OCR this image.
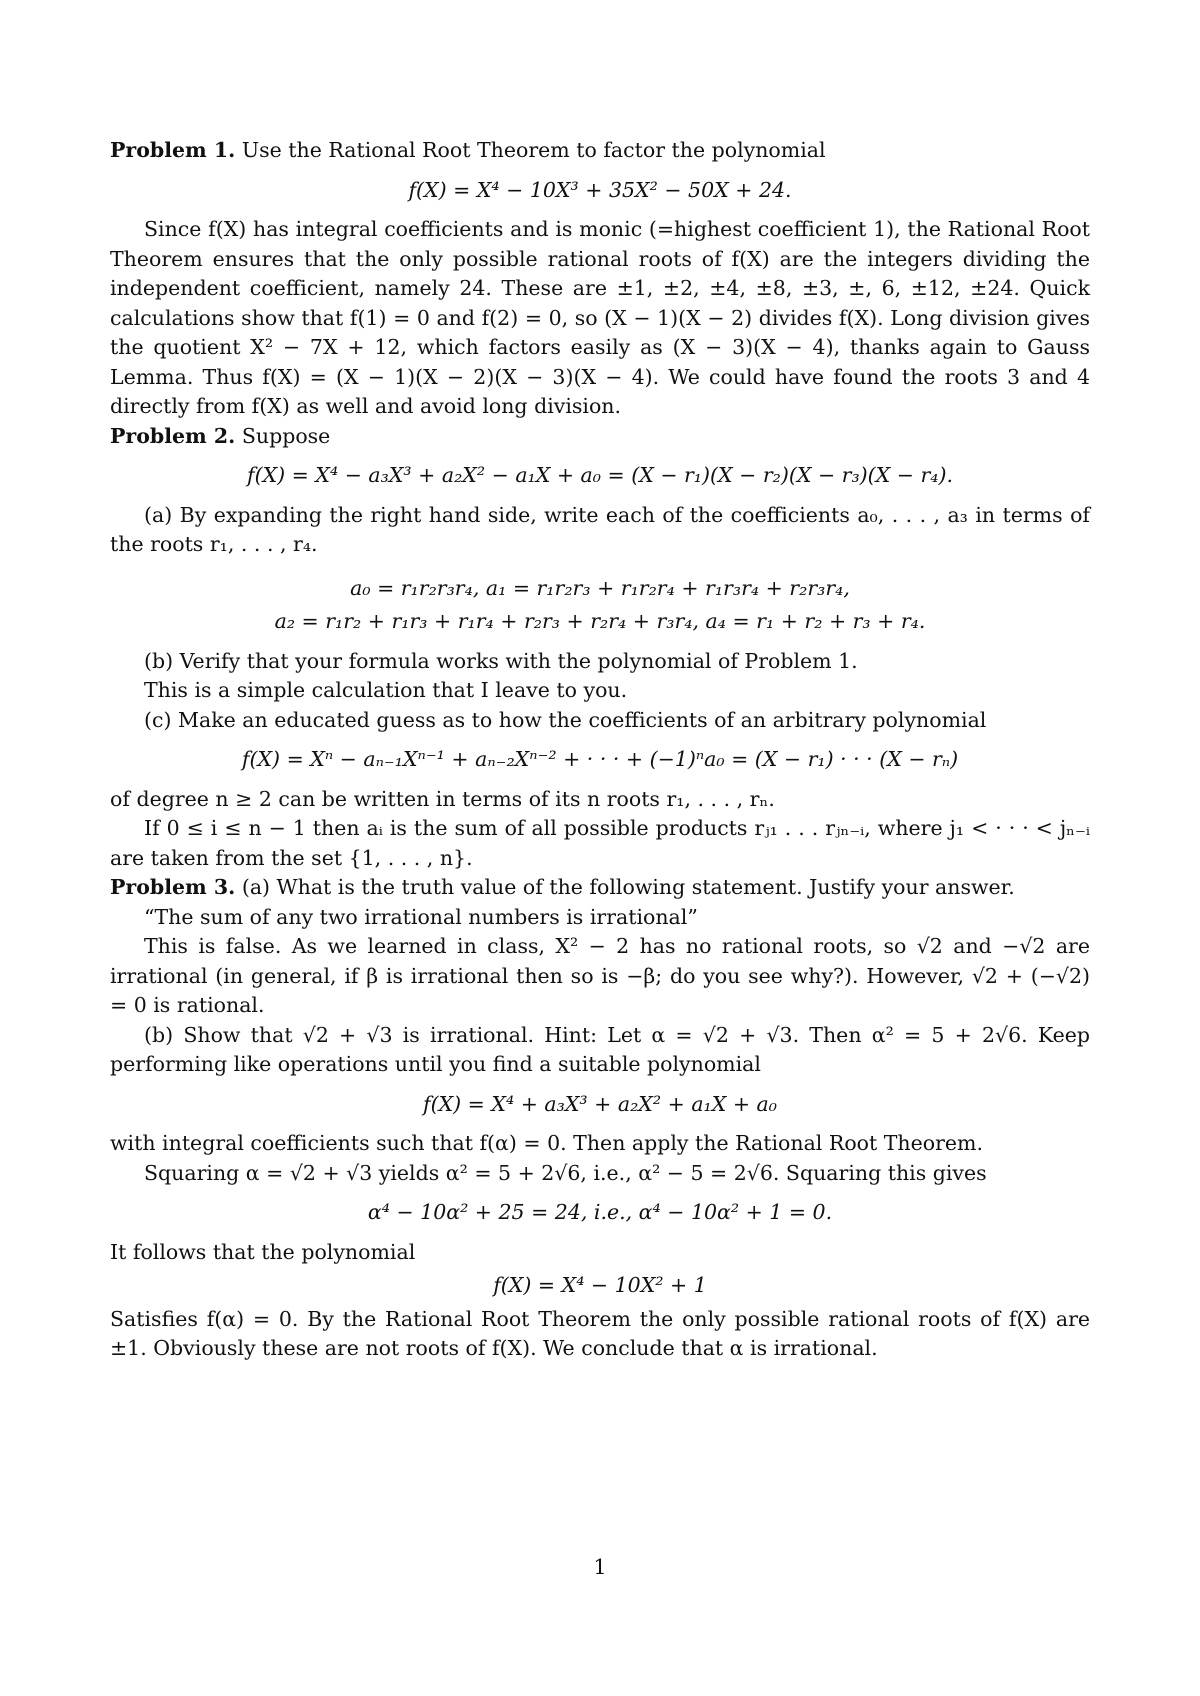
Problem 1. Use the Rational Root Theorem to factor the polynomial

f(X) = X⁴ − 10X³ + 35X² − 50X + 24.

Since f(X) has integral coefficients and is monic (=highest coefficient 1), the Rational Root Theorem ensures that the only possible rational roots of f(X) are the integers dividing the independent coefficient, namely 24. These are ±1, ±2, ±4, ±8, ±3, ±, 6, ±12, ±24. Quick calculations show that f(1) = 0 and f(2) = 0, so (X − 1)(X − 2) divides f(X). Long division gives the quotient X² − 7X + 12, which factors easily as (X − 3)(X − 4), thanks again to Gauss Lemma. Thus f(X) = (X − 1)(X − 2)(X − 3)(X − 4). We could have found the roots 3 and 4 directly from f(X) as well and avoid long division.

Problem 2. Suppose

f(X) = X⁴ − a₃X³ + a₂X² − a₁X + a₀ = (X − r₁)(X − r₂)(X − r₃)(X − r₄).

(a) By expanding the right hand side, write each of the coefficients a₀, . . . , a₃ in terms of the roots r₁, . . . , r₄.

a₀ = r₁r₂r₃r₄, a₁ = r₁r₂r₃ + r₁r₂r₄ + r₁r₃r₄ + r₂r₃r₄,

a₂ = r₁r₂ + r₁r₃ + r₁r₄ + r₂r₃ + r₂r₄ + r₃r₄, a₄ = r₁ + r₂ + r₃ + r₄.

(b) Verify that your formula works with the polynomial of Problem 1.

This is a simple calculation that I leave to you.

(c) Make an educated guess as to how the coefficients of an arbitrary polynomial

f(X) = Xⁿ − aₙ₋₁Xⁿ⁻¹ + aₙ₋₂Xⁿ⁻² + · · · + (−1)ⁿa₀ = (X − r₁) · · · (X − rₙ)

of degree n ≥ 2 can be written in terms of its n roots r₁, . . . , rₙ.

If 0 ≤ i ≤ n − 1 then aᵢ is the sum of all possible products rⱼ₁ . . . rⱼₙ₋ᵢ, where j₁ < · · · < jₙ₋ᵢ are taken from the set {1, . . . , n}.

Problem 3. (a) What is the truth value of the following statement. Justify your answer.

“The sum of any two irrational numbers is irrational”

This is false. As we learned in class, X² − 2 has no rational roots, so √2 and −√2 are irrational (in general, if β is irrational then so is −β; do you see why?). However, √2 + (−√2) = 0 is rational.

(b) Show that √2 + √3 is irrational. Hint: Let α = √2 + √3. Then α² = 5 + 2√6. Keep performing like operations until you find a suitable polynomial

f(X) = X⁴ + a₃X³ + a₂X² + a₁X + a₀

with integral coefficients such that f(α) = 0. Then apply the Rational Root Theorem.

Squaring α = √2 + √3 yields α² = 5 + 2√6, i.e., α² − 5 = 2√6. Squaring this gives

α⁴ − 10α² + 25 = 24, i.e., α⁴ − 10α² + 1 = 0.

It follows that the polynomial

f(X) = X⁴ − 10X² + 1

Satisfies f(α) = 0. By the Rational Root Theorem the only possible rational roots of f(X) are ±1. Obviously these are not roots of f(X). We conclude that α is irrational.

1
